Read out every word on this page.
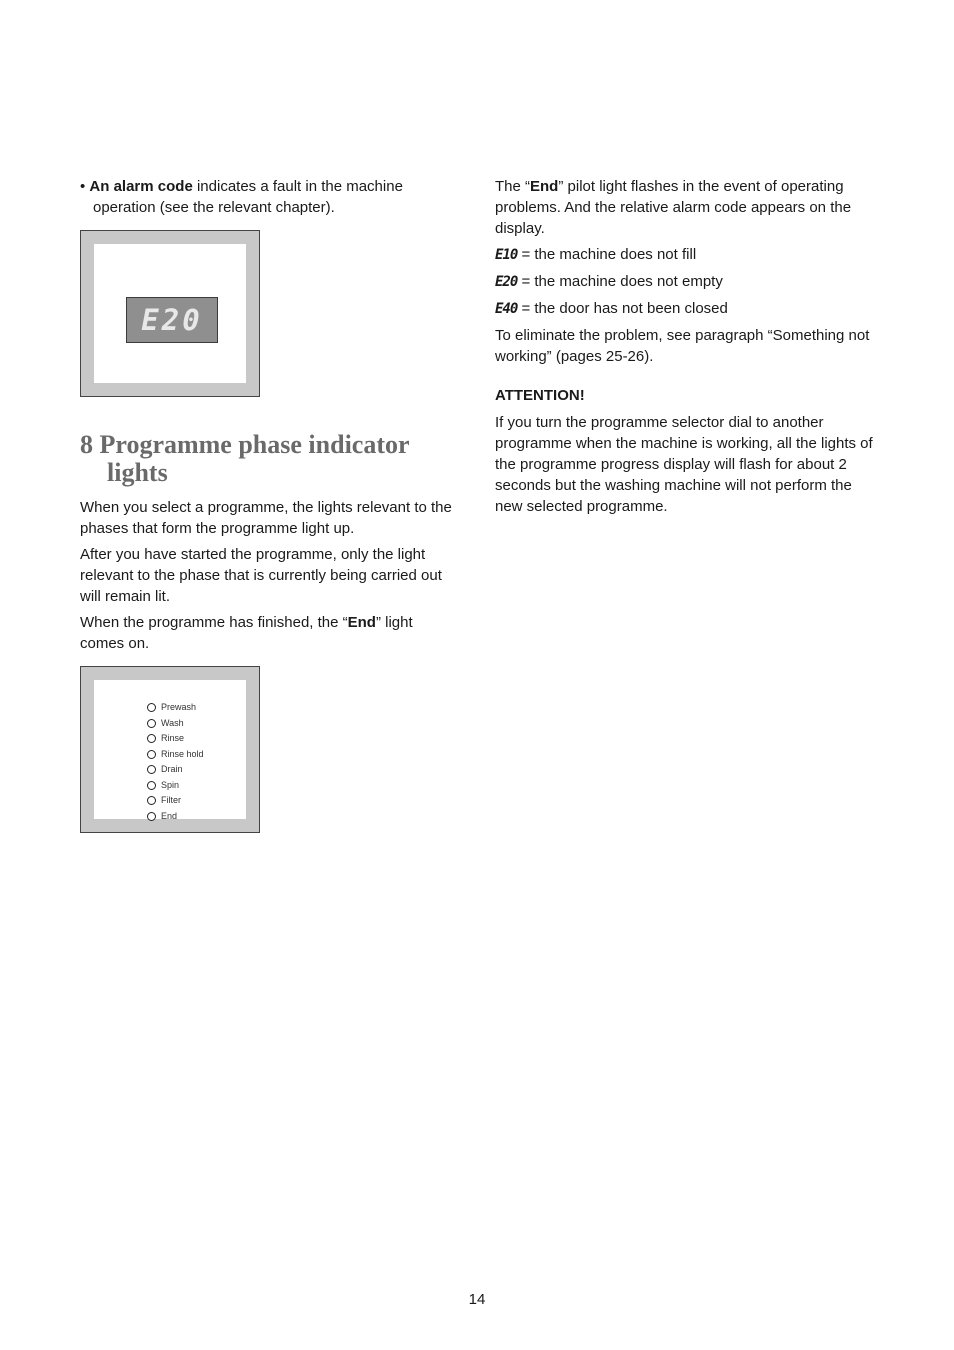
• An alarm code indicates a fault in the machine operation (see the relevant chapter).

E20
8 Programme phase indicator lights

When you select a programme, the lights relevant to the phases that form the programme light up.

After you have started the programme, only the light relevant to the phase that is currently being carried out will remain lit.

When the programme has finished, the “End” light comes on.

Prewash
Wash
Rinse
Rinse hold
Drain
Spin
Filter
End

The “End” pilot light flashes in the event of operating problems. And the relative alarm code appears on the display.

E10 = the machine does not fill

E20 = the machine does not empty

E40 = the door has not been closed

To eliminate the problem, see paragraph “Something not working” (pages 25-26).

ATTENTION!

If you turn the programme selector dial to another programme when the machine is working, all the lights of the programme progress display will flash for about 2 seconds but the washing machine will not perform the new selected programme.

14
